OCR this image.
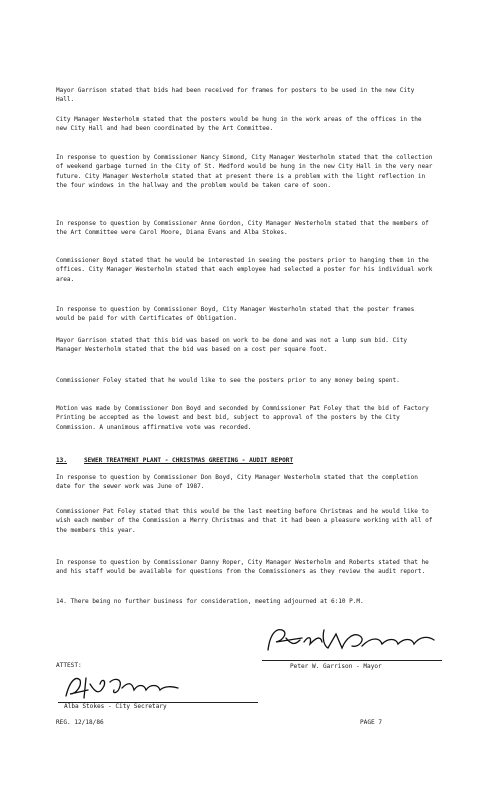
Mayor Garrison stated that bids had been received for frames for posters to be used in the new City Hall.

City Manager Westerholm stated that the posters would be hung in the work areas of the offices in the new City Hall and had been coordinated by the Art Committee.

In response to question by Commissioner Nancy Simond, City Manager Westerholm stated that the collection of weekend garbage turned in the City of St. Medford would be hung in the new City Hall in the very near future. City Manager Westerholm stated that at present there is a problem with the light reflection in the four windows in the hallway and the problem would be taken care of soon.

In response to question by Commissioner Anne Gordon, City Manager Westerholm stated that the members of the Art Committee were Carol Moore, Diana Evans and Alba Stokes.

Commissioner Boyd stated that he would be interested in seeing the posters prior to hanging them in the offices. City Manager Westerholm stated that each employee had selected a poster for his individual work area.

In response to question by Commissioner Boyd, City Manager Westerholm stated that the poster frames would be paid for with Certificates of Obligation.

Mayor Garrison stated that this bid was based on work to be done and was not a lump sum bid. City Manager Westerholm stated that the bid was based on a cost per square foot.

Commissioner Foley stated that he would like to see the posters prior to any money being spent.

Motion was made by Commissioner Don Boyd and seconded by Commissioner Pat Foley that the bid of Factory Printing be accepted as the lowest and best bid, subject to approval of the posters by the City Commission. A unanimous affirmative vote was recorded.

13.	SEWER TREATMENT PLANT - CHRISTMAS GREETING - AUDIT REPORT

In response to question by Commissioner Don Boyd, City Manager Westerholm stated that the completion date for the sewer work was June of 1987.

Commissioner Pat Foley stated that this would be the last meeting before Christmas and he would like to wish each member of the Commission a Merry Christmas and that it had been a pleasure working with all of the members this year.

In response to question by Commissioner Danny Roper, City Manager Westerholm and Roberts stated that he and his staff would be available for questions from the Commissioners as they review the audit report.

14. There being no further business for consideration, meeting adjourned at 6:10 P.M.

Peter W. Garrison - Mayor
ATTEST:
Alba Stokes - City Secretary
REG. 12/18/86	PAGE 7
